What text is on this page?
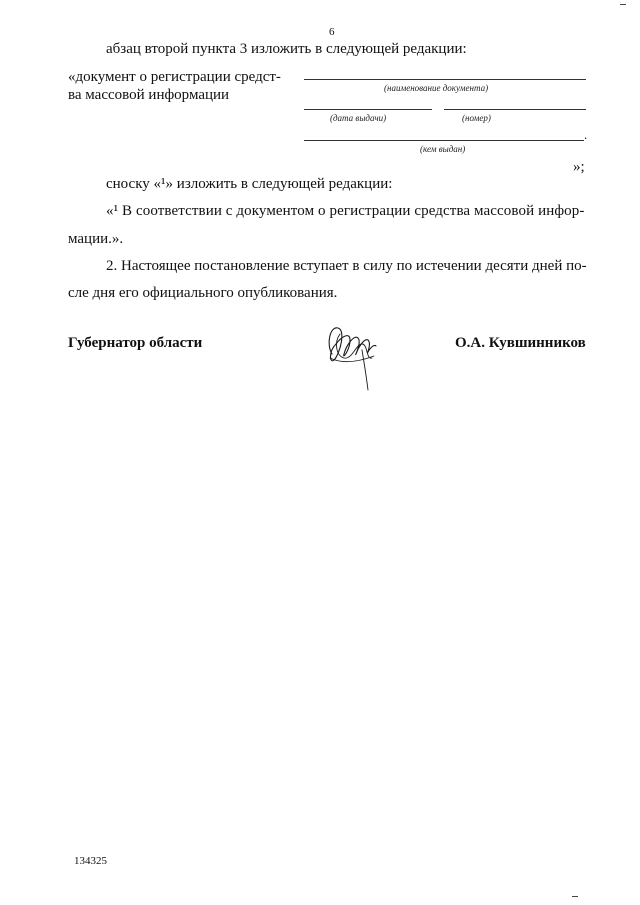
6
абзац второй пункта 3 изложить в следующей редакции:
«документ о регистрации средст-
ва массовой информации	(наименование документа)
(дата выдачи)	(номер)
.
(кем выдан)
»;
сноску «¹» изложить в следующей редакции:
«¹ В соответствии с документом о регистрации средства массовой инфор-
мации.».
2. Настоящее постановление вступает в силу по истечении десяти дней по-
сле дня его официального опубликования.
Губернатор области	О.А. Кувшинников
134325
